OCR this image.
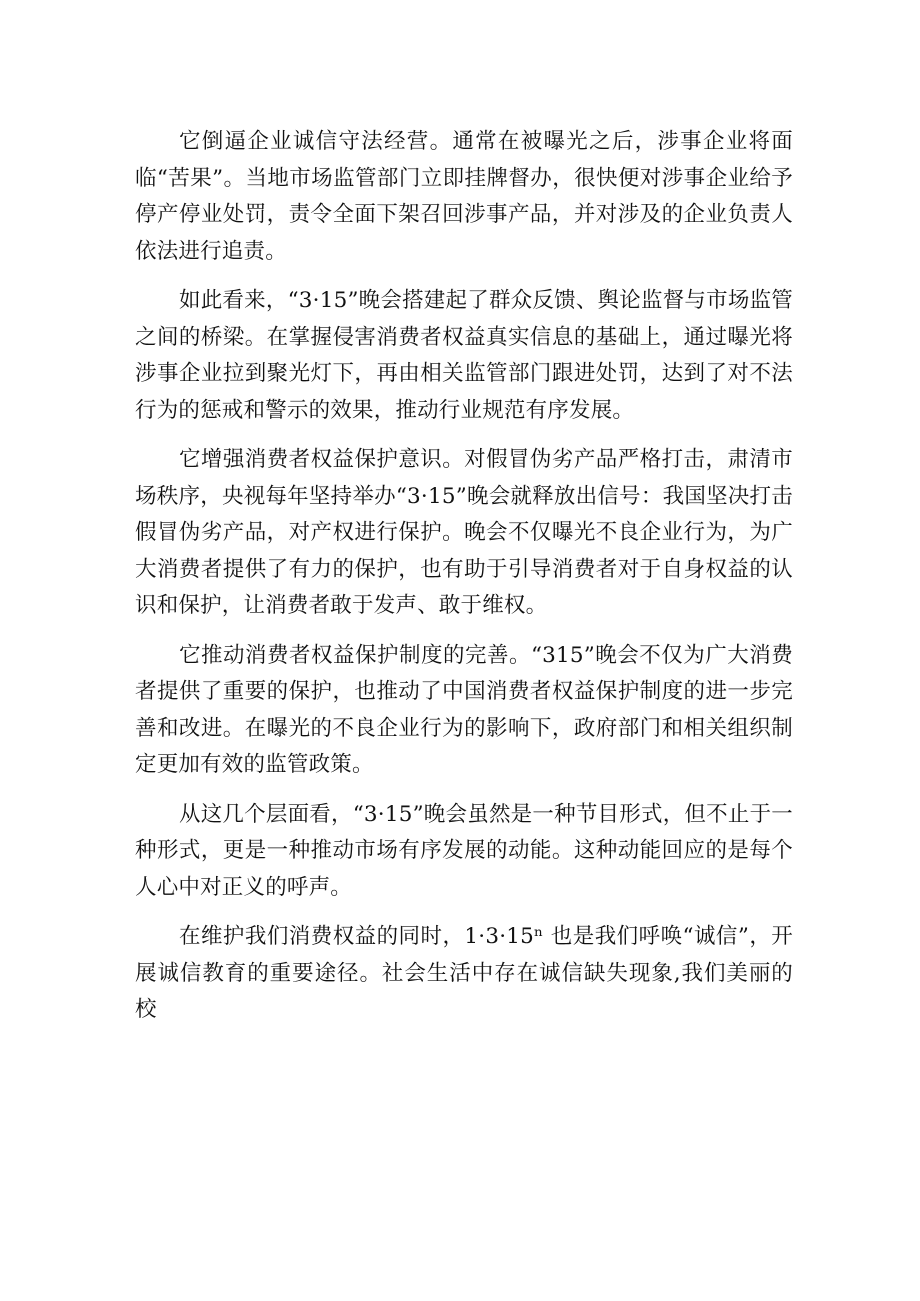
它倒逼企业诚信守法经营。通常在被曝光之后，涉事企业将面临“苦果”。当地市场监管部门立即挂牌督办，很快便对涉事企业给予停产停业处罚，责令全面下架召回涉事产品，并对涉及的企业负责人依法进行追责。

如此看来，“3·15”晚会搭建起了群众反馈、舆论监督与市场监管之间的桥梁。在掌握侵害消费者权益真实信息的基础上，通过曝光将涉事企业拉到聚光灯下，再由相关监管部门跟进处罚，达到了对不法行为的惩戒和警示的效果，推动行业规范有序发展。

它增强消费者权益保护意识。对假冒伪劣产品严格打击，肃清市场秩序，央视每年坚持举办“3·15”晚会就释放出信号：我国坚决打击假冒伪劣产品，对产权进行保护。晚会不仅曝光不良企业行为，为广大消费者提供了有力的保护，也有助于引导消费者对于自身权益的认识和保护，让消费者敢于发声、敢于维权。

它推动消费者权益保护制度的完善。“315”晚会不仅为广大消费者提供了重要的保护，也推动了中国消费者权益保护制度的进一步完善和改进。在曝光的不良企业行为的影响下，政府部门和相关组织制定更加有效的监管政策。

从这几个层面看，“3·15”晚会虽然是一种节目形式，但不止于一种形式，更是一种推动市场有序发展的动能。这种动能回应的是每个人心中对正义的呼声。

在维护我们消费权益的同时，1·3·15ⁿ 也是我们呼唤“诚信”，开展诚信教育的重要途径。社会生活中存在诚信缺失现象,我们美丽的校
